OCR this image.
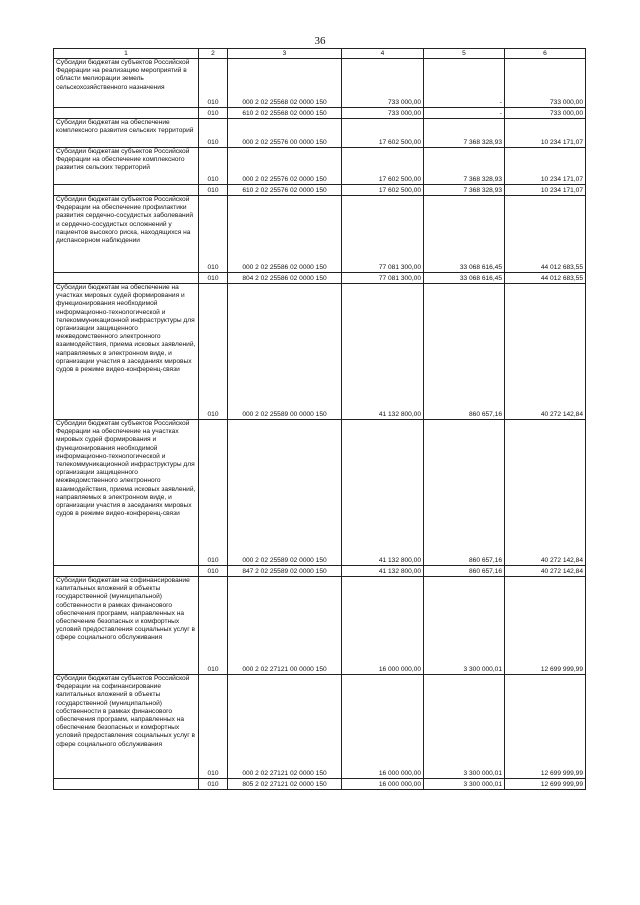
36
1	2	3	4	5	6
Субсидии бюджетам субъектов Российской Федерации на реализацию мероприятий в области мелиорации земель сельскохозяйственного назначения	010	000 2 02 25568 02 0000 150	733 000,00	-	733 000,00
	010	610 2 02 25568 02 0000 150	733 000,00	-	733 000,00
Субсидии бюджетам на обеспечение комплексного развития сельских территорий	010	000 2 02 25576 00 0000 150	17 602 500,00	7 368 328,93	10 234 171,07
Субсидии бюджетам субъектов Российской Федерации на обеспечение комплексного развития сельских территорий	010	000 2 02 25576 02 0000 150	17 602 500,00	7 368 328,93	10 234 171,07
	010	610 2 02 25576 02 0000 150	17 602 500,00	7 368 328,93	10 234 171,07
Субсидии бюджетам субъектов Российской Федерации на обеспечение профилактики развития сердечно-сосудистых заболеваний и сердечно-сосудистых осложнений у пациентов высокого риска, находящихся на диспансерном наблюдении	010	000 2 02 25586 02 0000 150	77 081 300,00	33 068 616,45	44 012 683,55
	010	804 2 02 25586 02 0000 150	77 081 300,00	33 068 616,45	44 012 683,55
Субсидии бюджетам на обеспечение на участках мировых судей формирования и функционирования необходимой информационно-технологической и телекоммуникационной инфраструктуры для организации защищенного межведомственного электронного взаимодействия, приема исковых заявлений, направляемых в электронном виде, и организации участия в заседаниях мировых судов в режиме видео-конференц-связи	010	000 2 02 25589 00 0000 150	41 132 800,00	860 657,16	40 272 142,84
Субсидии бюджетам субъектов Российской Федерации на обеспечение на участках мировых судей формирования и функционирования необходимой информационно-технологической и телекоммуникационной инфраструктуры для организации защищенного межведомственного электронного взаимодействия, приема исковых заявлений, направляемых в электронном виде, и организации участия в заседаниях мировых судов в режиме видео-конференц-связи	010	000 2 02 25589 02 0000 150	41 132 800,00	860 657,16	40 272 142,84
	010	847 2 02 25589 02 0000 150	41 132 800,00	860 657,16	40 272 142,84
Субсидии бюджетам на софинансирование капитальных вложений в объекты государственной (муниципальной) собственности в рамках финансового обеспечения программ, направленных на обеспечение безопасных и комфортных условий предоставления социальных услуг в сфере социального обслуживания	010	000 2 02 27121 00 0000 150	16 000 000,00	3 300 000,01	12 699 999,99
Субсидии бюджетам субъектов Российской Федерации на софинансирование капитальных вложений в объекты государственной (муниципальной) собственности в рамках финансового обеспечения программ, направленных на обеспечение безопасных и комфортных условий предоставления социальных услуг в сфере социального обслуживания	010	000 2 02 27121 02 0000 150	16 000 000,00	3 300 000,01	12 699 999,99
	010	805 2 02 27121 02 0000 150	16 000 000,00	3 300 000,01	12 699 999,99
